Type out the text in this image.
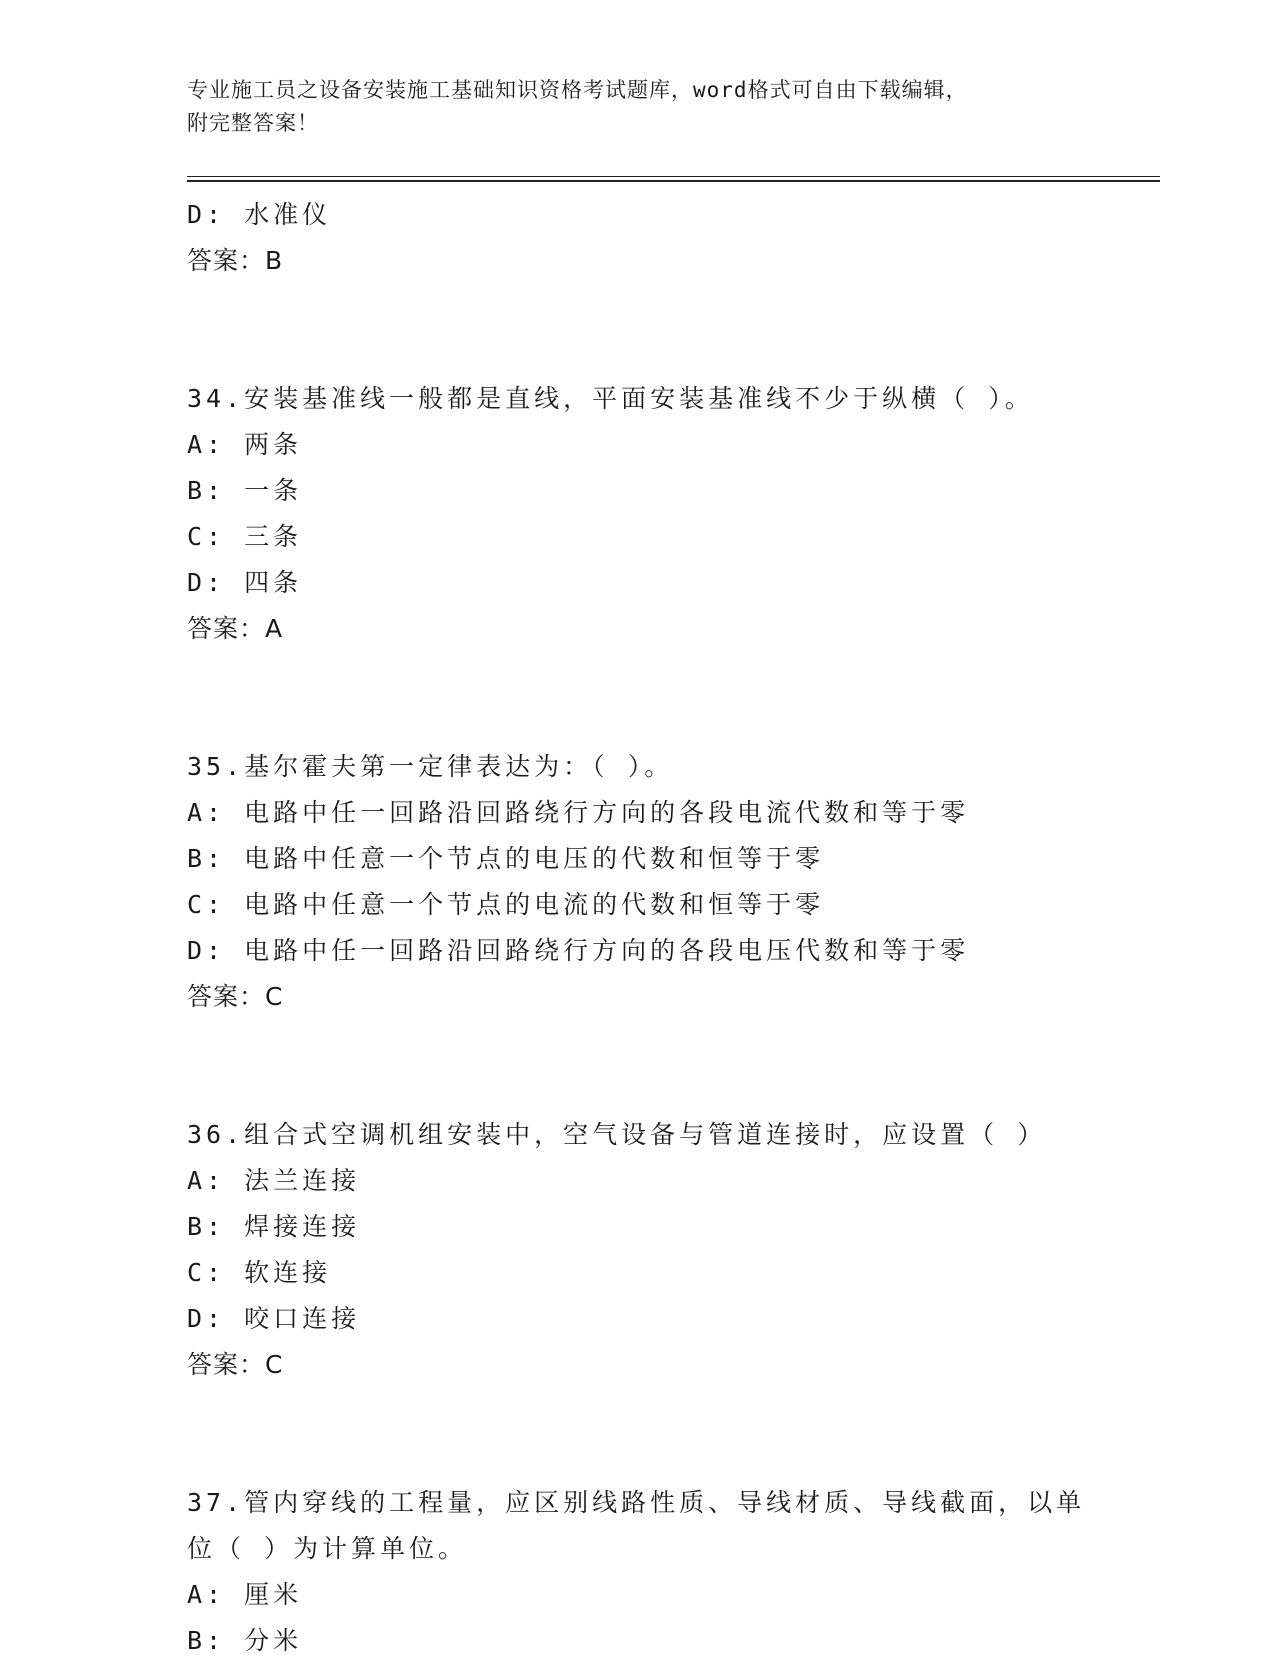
专业施工员之设备安装施工基础知识资格考试题库，word格式可自由下载编辑，
附完整答案！
D: 水准仪
答案：B
34.安装基准线一般都是直线，平面安装基准线不少于纵横（ ）。
A: 两条
B: 一条
C: 三条
D: 四条
答案：A
35.基尔霍夫第一定律表达为：（ ）。
A: 电路中任一回路沿回路绕行方向的各段电流代数和等于零
B: 电路中任意一个节点的电压的代数和恒等于零
C: 电路中任意一个节点的电流的代数和恒等于零
D: 电路中任一回路沿回路绕行方向的各段电压代数和等于零
答案：C
36.组合式空调机组安装中，空气设备与管道连接时，应设置（ ）
A: 法兰连接
B: 焊接连接
C: 软连接
D: 咬口连接
答案：C
37.管内穿线的工程量，应区别线路性质、导线材质、导线截面，以单
位（ ）为计算单位。
A: 厘米
B: 分米
